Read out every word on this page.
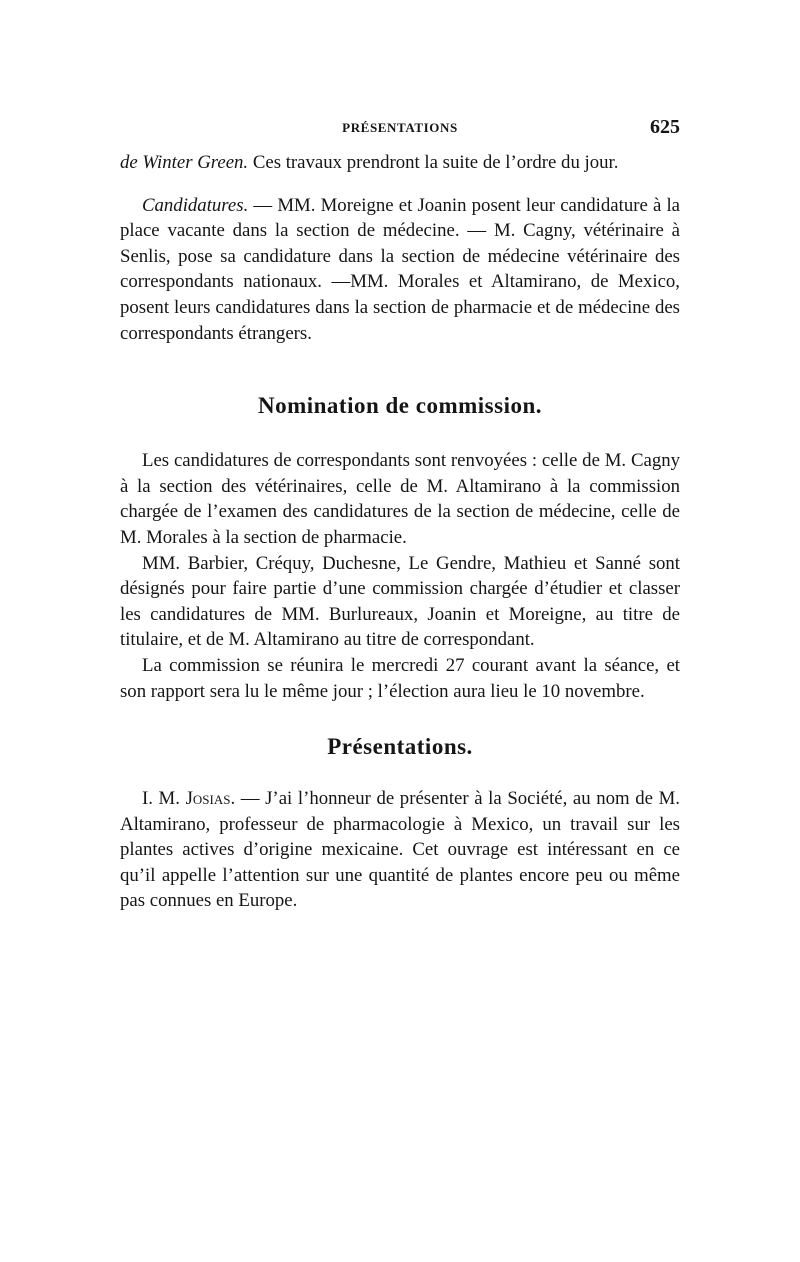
PRÉSENTATIONS	625

de Winter Green. Ces travaux prendront la suite de l’ordre du jour.

Candidatures. — MM. Moreigne et Joanin posent leur candidature à la place vacante dans la section de médecine. — M. Cagny, vétérinaire à Senlis, pose sa candidature dans la section de médecine vétérinaire des correspondants nationaux. —MM. Morales et Altamirano, de Mexico, posent leurs candidatures dans la section de pharmacie et de médecine des correspondants étrangers.

Nomination de commission.

Les candidatures de correspondants sont renvoyées : celle de M. Cagny à la section des vétérinaires, celle de M. Altamirano à la commission chargée de l’examen des candidatures de la section de médecine, celle de M. Morales à la section de pharmacie.

MM. Barbier, Créquy, Duchesne, Le Gendre, Mathieu et Sanné sont désignés pour faire partie d’une commission chargée d’étudier et classer les candidatures de MM. Burlureaux, Joanin et Moreigne, au titre de titulaire, et de M. Altamirano au titre de correspondant.

La commission se réunira le mercredi 27 courant avant la séance, et son rapport sera lu le même jour ; l’élection aura lieu le 10 novembre.

Présentations.

I. M. Josias. — J’ai l’honneur de présenter à la Société, au nom de M. Altamirano, professeur de pharmacologie à Mexico, un travail sur les plantes actives d’origine mexicaine. Cet ouvrage est intéressant en ce qu’il appelle l’attention sur une quantité de plantes encore peu ou même pas connues en Europe.
